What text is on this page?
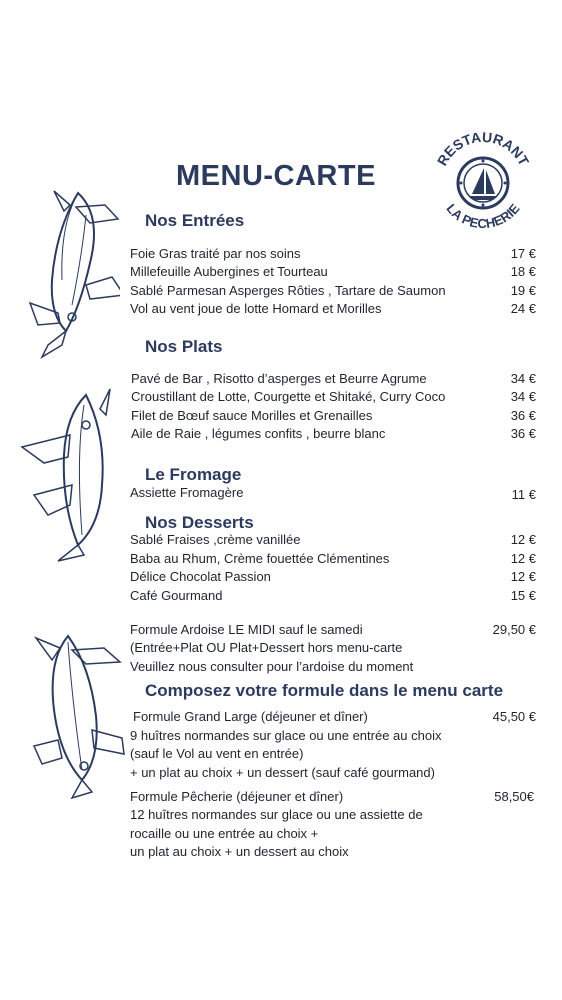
MENU-CARTE
RESTAURANT
LA PECHERIE
Nos Entrées
Foie Gras traité par nos soins	17 €
Millefeuille Aubergines et Tourteau	18 €
Sablé Parmesan Asperges Rôties , Tartare de Saumon	19 €
Vol au vent joue de lotte Homard et Morilles	24 €
Nos Plats
Pavé de Bar , Risotto d’asperges et Beurre Agrume	34 €
Croustillant de Lotte, Courgette et Shitaké, Curry Coco	34 €
Filet de Bœuf sauce Morilles et Grenailles	36 €
Aile de Raie , légumes confits , beurre blanc	36 €
Le Fromage
Assiette Fromagère	11 €
Nos Desserts
Sablé Fraises ,crème vanillée	12 €
Baba au Rhum, Crème fouettée Clémentines	12 €
Délice Chocolat Passion	12 €
Café Gourmand	15 €
Formule Ardoise LE MIDI sauf le samedi	29,50 €
(Entrée+Plat OU Plat+Dessert hors menu-carte
Veuillez nous consulter pour l’ardoise du moment
Composez votre formule dans le menu carte
Formule Grand Large (déjeuner et dîner)	45,50 €
9 huîtres normandes sur glace ou une entrée au choix
(sauf le Vol au vent en entrée)
+ un plat au choix + un dessert (sauf café gourmand)
Formule Pêcherie (déjeuner et dîner)	58,50€
12 huîtres normandes sur glace ou une assiette de
rocaille ou une entrée au choix +
un plat au choix + un dessert au choix
